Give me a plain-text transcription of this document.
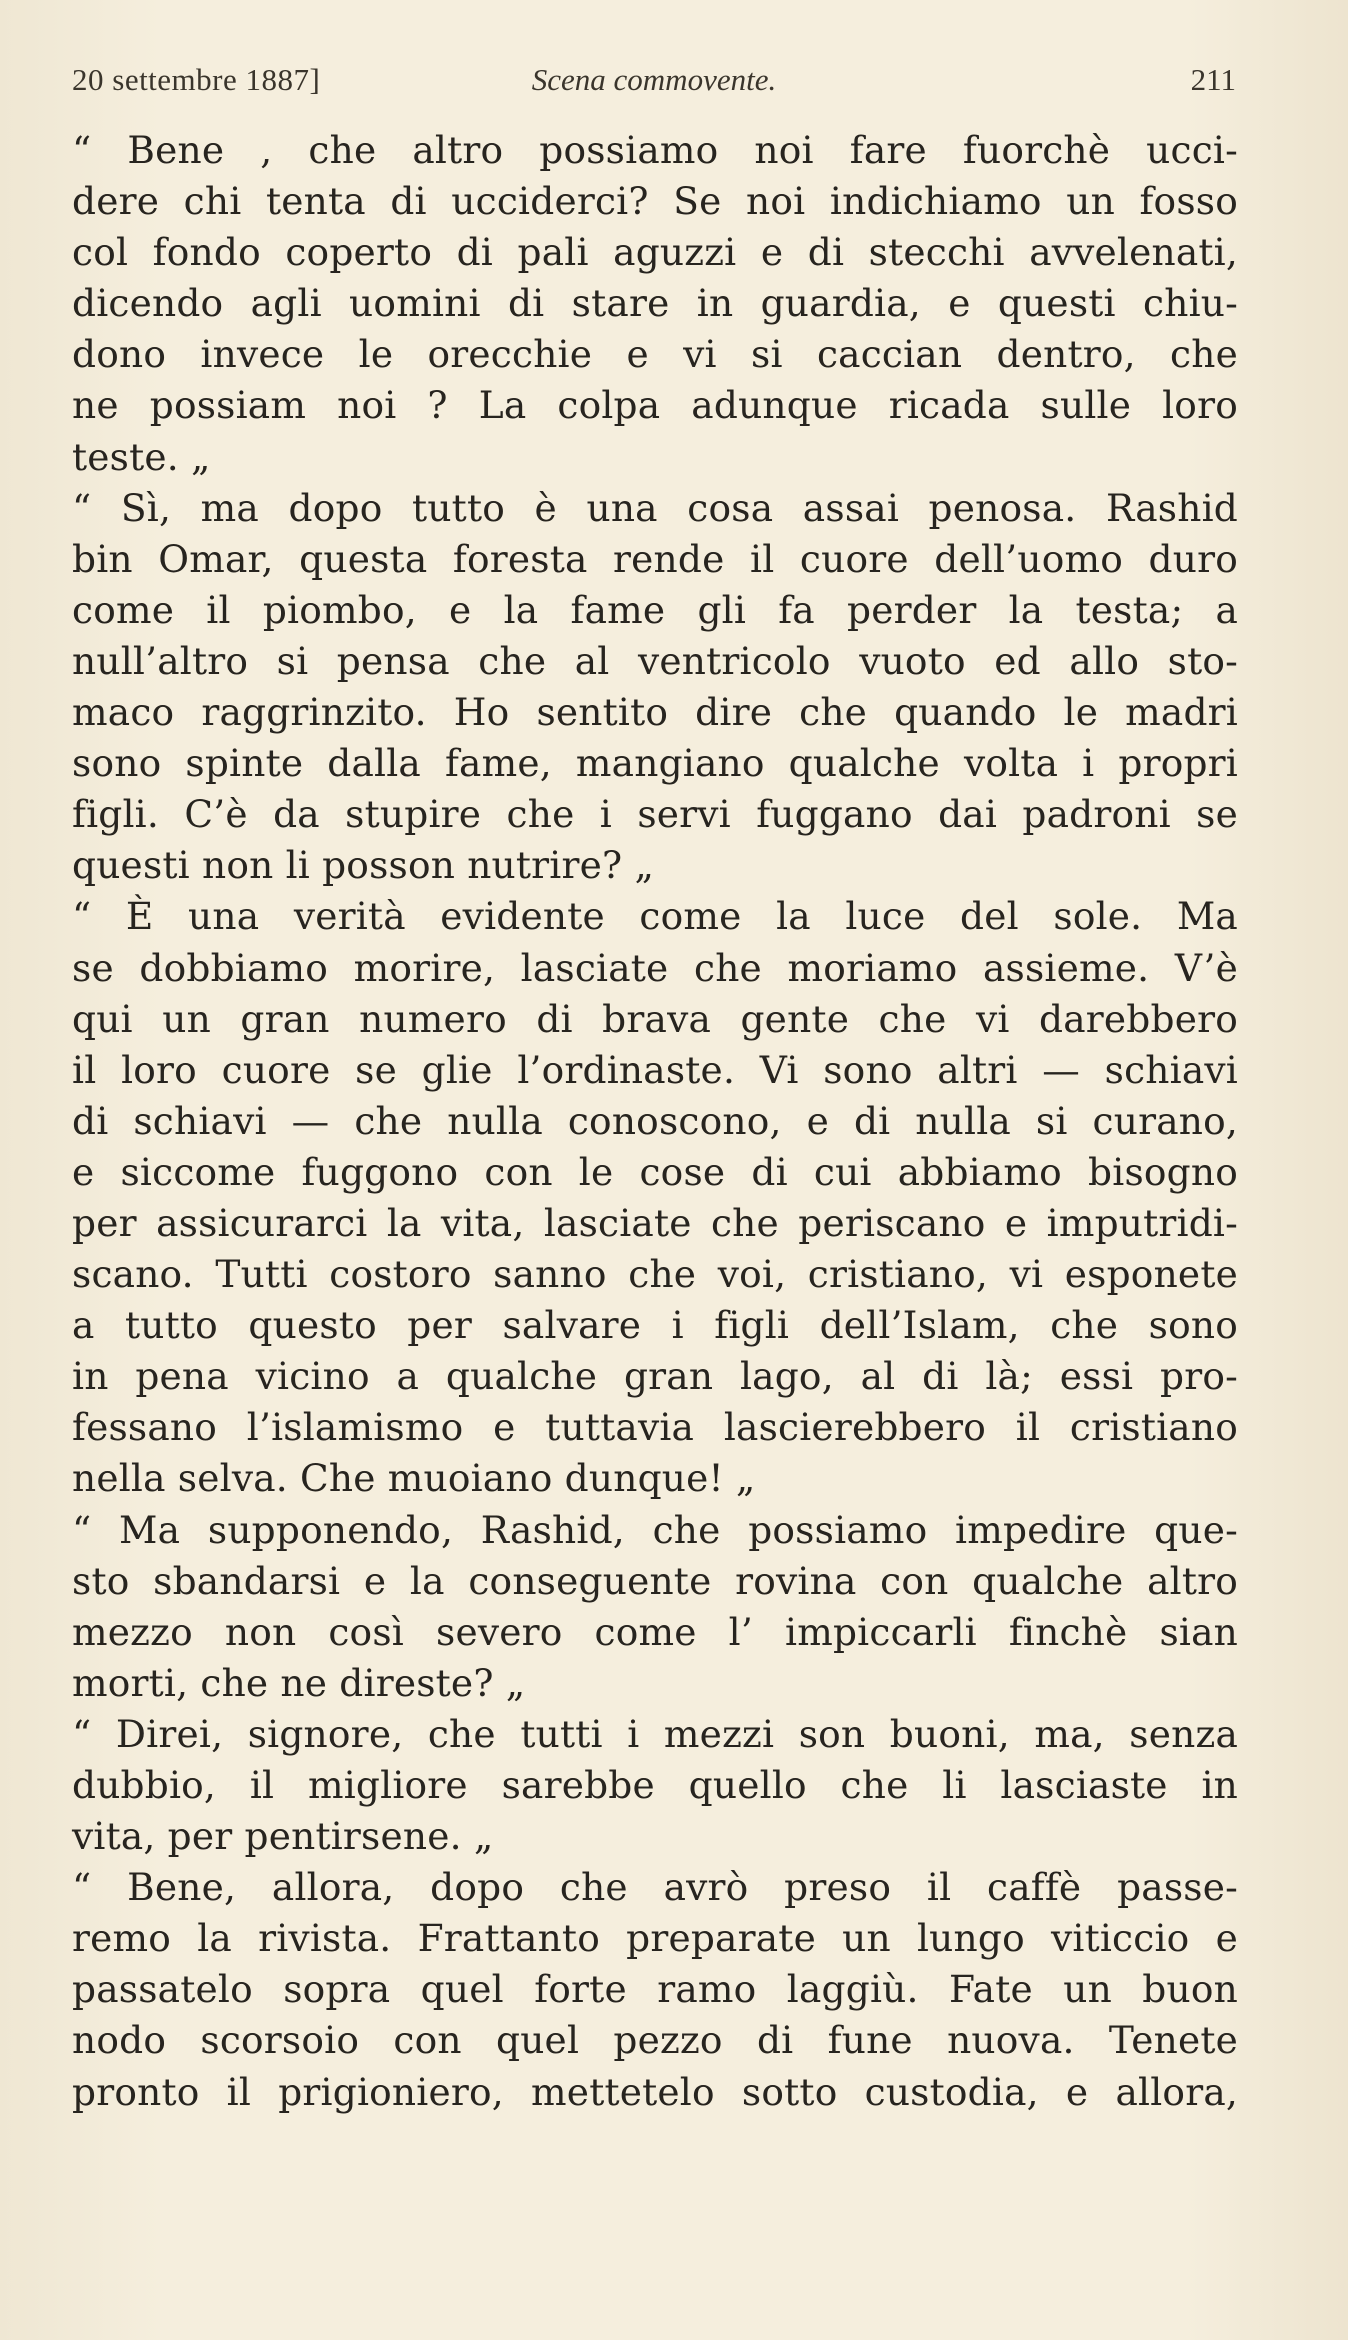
20 settembre 1887]	Scena commovente.	211
“ Bene , che altro possiamo noi fare fuorchè ucci-
dere chi tenta di ucciderci? Se noi indichiamo un fosso
col fondo coperto di pali aguzzi e di stecchi avvelenati,
dicendo agli uomini di stare in guardia, e questi chiu-
dono invece le orecchie e vi si caccian dentro, che
ne possiam noi ? La colpa adunque ricada sulle loro
teste. „
“ Sì, ma dopo tutto è una cosa assai penosa. Rashid
bin Omar, questa foresta rende il cuore dell’uomo duro
come il piombo, e la fame gli fa perder la testa; a
null’altro si pensa che al ventricolo vuoto ed allo sto-
maco raggrinzito. Ho sentito dire che quando le madri
sono spinte dalla fame, mangiano qualche volta i propri
figli. C’è da stupire che i servi fuggano dai padroni se
questi non li posson nutrire? „
“ È una verità evidente come la luce del sole. Ma
se dobbiamo morire, lasciate che moriamo assieme. V’è
qui un gran numero di brava gente che vi darebbero
il loro cuore se glie l’ordinaste. Vi sono altri — schiavi
di schiavi — che nulla conoscono, e di nulla si curano,
e siccome fuggono con le cose di cui abbiamo bisogno
per assicurarci la vita, lasciate che periscano e imputridi-
scano. Tutti costoro sanno che voi, cristiano, vi esponete
a tutto questo per salvare i figli dell’Islam, che sono
in pena vicino a qualche gran lago, al di là; essi pro-
fessano l’islamismo e tuttavia lascierebbero il cristiano
nella selva. Che muoiano dunque! „
“ Ma supponendo, Rashid, che possiamo impedire que-
sto sbandarsi e la conseguente rovina con qualche altro
mezzo non così severo come l’ impiccarli finchè sian
morti, che ne direste? „
“ Direi, signore, che tutti i mezzi son buoni, ma, senza
dubbio, il migliore sarebbe quello che li lasciaste in
vita, per pentirsene. „
“ Bene, allora, dopo che avrò preso il caffè passe-
remo la rivista. Frattanto preparate un lungo viticcio e
passatelo sopra quel forte ramo laggiù. Fate un buon
nodo scorsoio con quel pezzo di fune nuova. Tenete
pronto il prigioniero, mettetelo sotto custodia, e allora,
